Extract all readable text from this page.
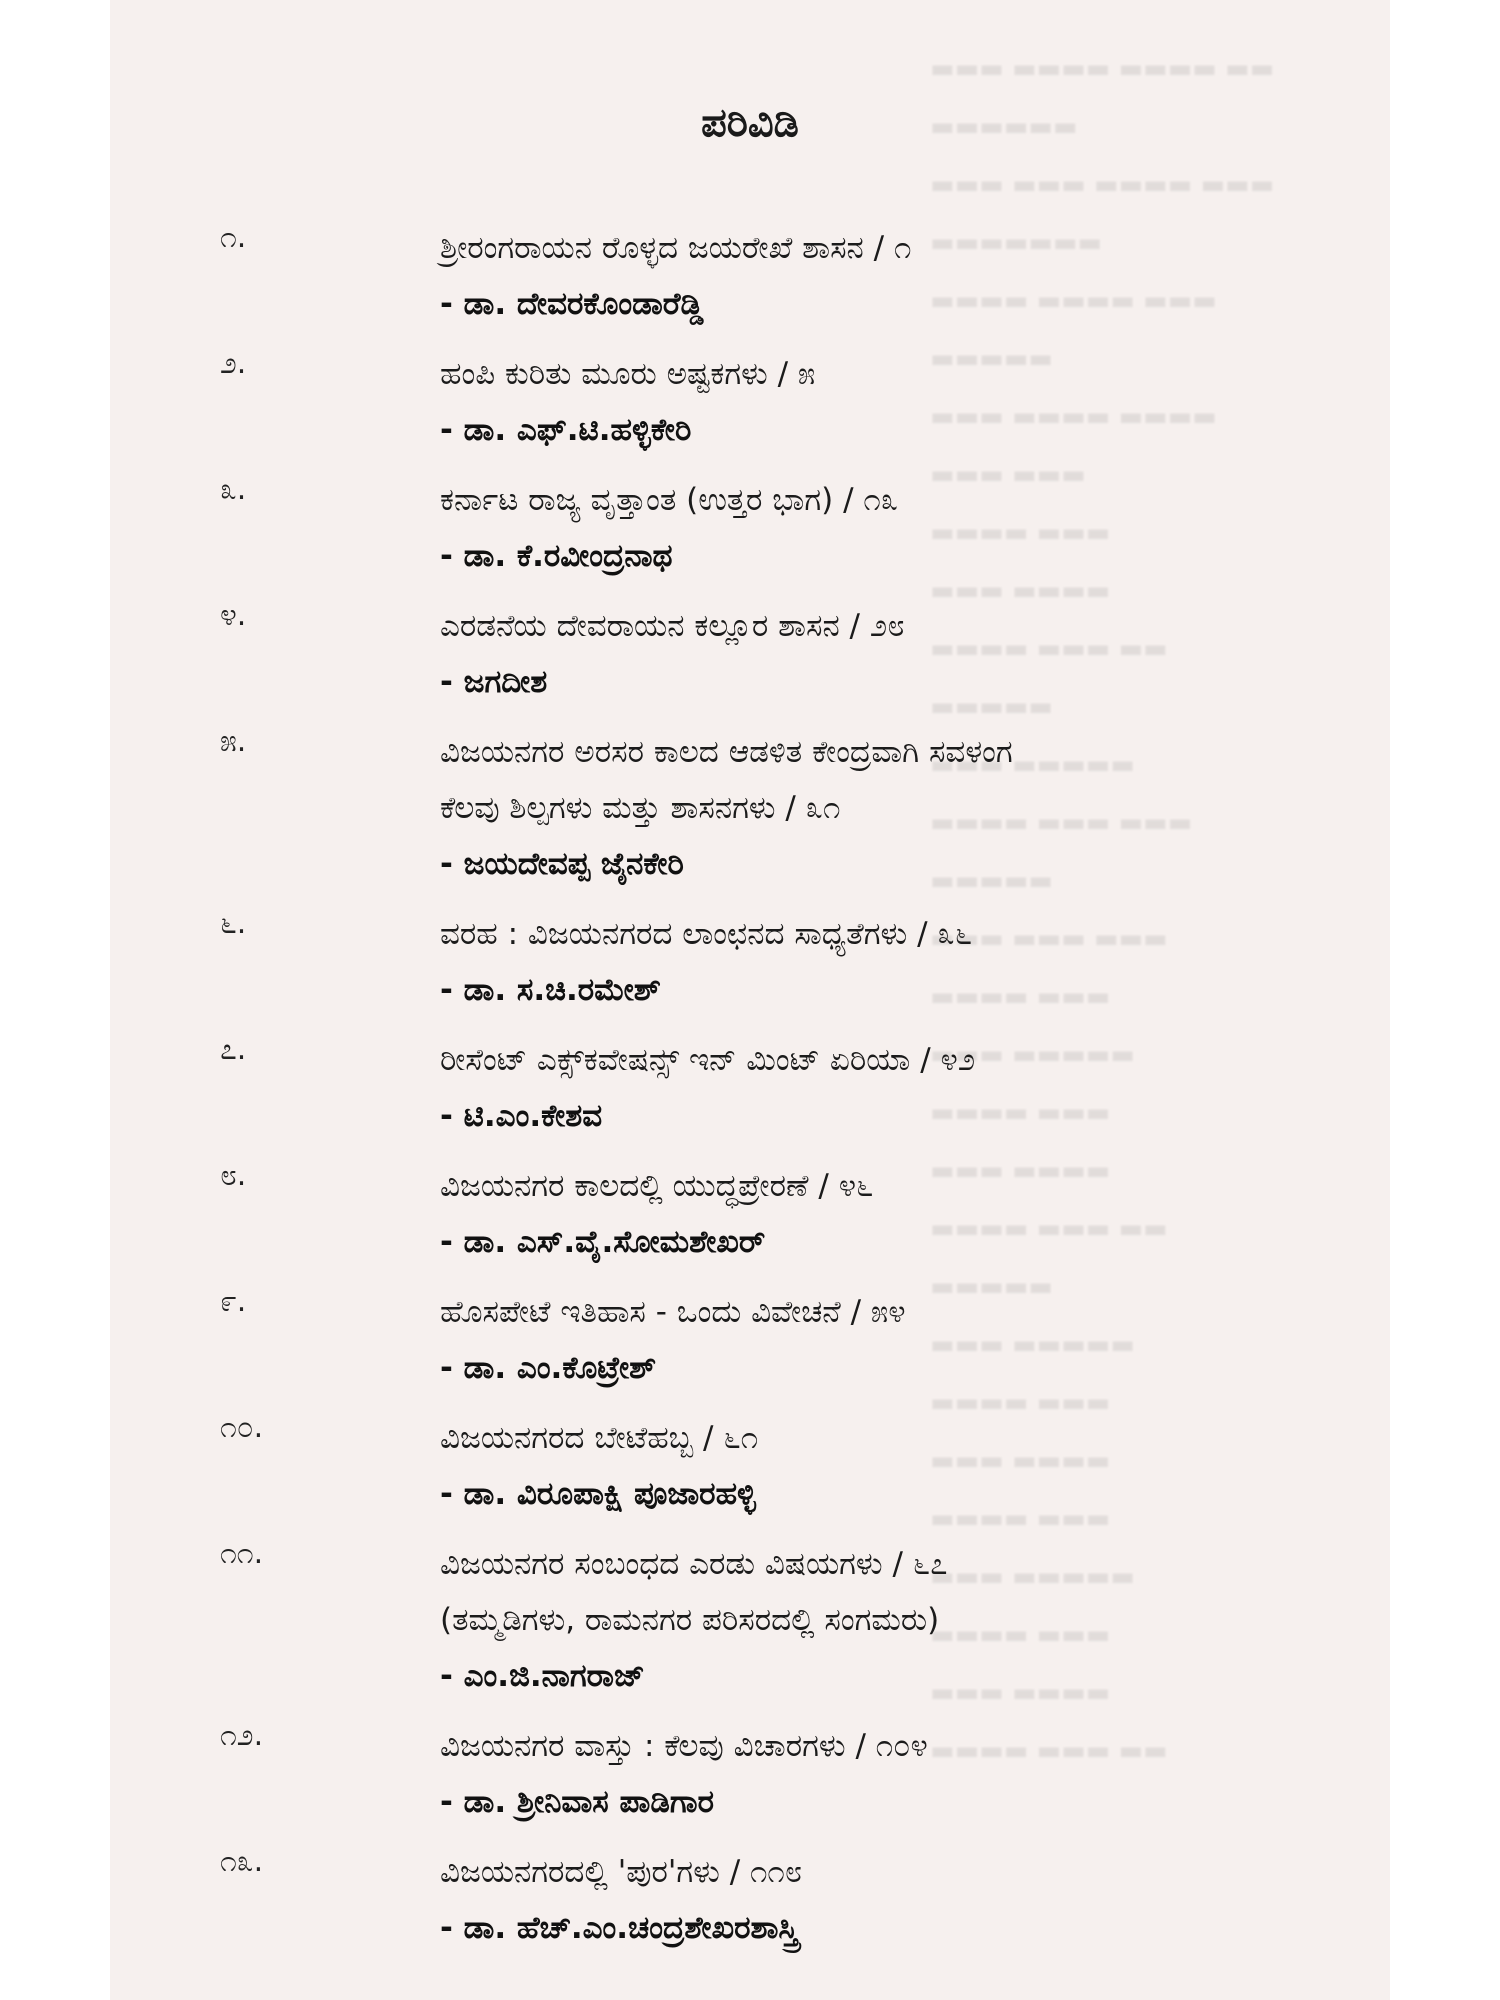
▬▬▬ ▬▬▬▬ ▬▬▬▬ ▬▬
▬▬▬▬▬▬
▬▬▬ ▬▬▬ ▬▬▬▬ ▬▬▬
▬▬▬▬▬▬▬
▬▬▬▬ ▬▬▬▬ ▬▬▬
▬▬▬▬▬
▬▬▬ ▬▬▬▬ ▬▬▬▬
▬▬▬ ▬▬▬
▬▬▬▬ ▬▬▬
▬▬▬ ▬▬▬▬
▬▬▬▬ ▬▬▬ ▬▬
▬▬▬▬▬
▬▬▬ ▬▬▬▬▬
▬▬▬▬ ▬▬▬ ▬▬▬
▬▬▬▬▬
▬▬▬ ▬▬▬ ▬▬▬
▬▬▬▬ ▬▬▬
▬▬▬ ▬▬▬▬▬
▬▬▬▬ ▬▬▬
▬▬▬ ▬▬▬▬
▬▬▬▬ ▬▬▬ ▬▬
▬▬▬▬▬
▬▬▬ ▬▬▬▬▬
▬▬▬▬ ▬▬▬
▬▬▬ ▬▬▬▬
▬▬▬▬ ▬▬▬
▬▬▬ ▬▬▬▬▬
▬▬▬▬ ▬▬▬
▬▬▬ ▬▬▬▬
▬▬▬▬ ▬▬▬ ▬▬
ಪರಿವಿಡಿ
೧.	ಶ್ರೀರಂಗರಾಯನ ರೊಳ್ಳದ ಜಯರೇಖೆ ಶಾಸನ / ೧
- ಡಾ. ದೇವರಕೊಂಡಾರೆಡ್ಡಿ
೨.	ಹಂಪಿ ಕುರಿತು ಮೂರು ಅಷ್ಟಕಗಳು / ೫
- ಡಾ. ಎಫ್.ಟಿ.ಹಳ್ಳಿಕೇರಿ
೩.	ಕರ್ನಾಟ ರಾಜ್ಯ ವೃತ್ತಾಂತ (ಉತ್ತರ ಭಾಗ) / ೧೩
- ಡಾ. ಕೆ.ರವೀಂದ್ರನಾಥ
೪.	ಎರಡನೆಯ ದೇವರಾಯನ ಕಲ್ಲೂರ ಶಾಸನ / ೨೮
- ಜಗದೀಶ
೫.	ವಿಜಯನಗರ ಅರಸರ ಕಾಲದ ಆಡಳಿತ ಕೇಂದ್ರವಾಗಿ ಸವಳಂಗ
ಕೆಲವು ಶಿಲ್ಪಗಳು ಮತ್ತು ಶಾಸನಗಳು / ೩೧
- ಜಯದೇವಪ್ಪ ಜೈನಕೇರಿ
೬.	ವರಹ : ವಿಜಯನಗರದ ಲಾಂಛನದ ಸಾಧ್ಯತೆಗಳು / ೩೬
- ಡಾ. ಸ.ಚಿ.ರಮೇಶ್
೭.	ರೀಸೆಂಟ್ ಎಕ್ಸ್‌ಕವೇಷನ್ಸ್ ಇನ್ ಮಿಂಟ್ ಏರಿಯಾ / ೪೨
- ಟಿ.ಎಂ.ಕೇಶವ
೮.	ವಿಜಯನಗರ ಕಾಲದಲ್ಲಿ ಯುದ್ಧಪ್ರೇರಣೆ / ೪೬
- ಡಾ. ಎಸ್.ವೈ.ಸೋಮಶೇಖರ್
೯.	ಹೊಸಪೇಟೆ ಇತಿಹಾಸ - ಒಂದು ವಿವೇಚನೆ / ೫೪
- ಡಾ. ಎಂ.ಕೊಟ್ರೇಶ್
೧೦.	ವಿಜಯನಗರದ ಬೇಟೆಹಬ್ಬ / ೬೧
- ಡಾ. ವಿರೂಪಾಕ್ಷಿ ಪೂಜಾರಹಳ್ಳಿ
೧೧.	ವಿಜಯನಗರ ಸಂಬಂಧದ ಎರಡು ವಿಷಯಗಳು / ೬೭
(ತಮ್ಮಡಿಗಳು, ರಾಮನಗರ ಪರಿಸರದಲ್ಲಿ ಸಂಗಮರು)
- ಎಂ.ಜಿ.ನಾಗರಾಜ್
೧೨.	ವಿಜಯನಗರ ವಾಸ್ತು : ಕೆಲವು ವಿಚಾರಗಳು / ೧೦೪
- ಡಾ. ಶ್ರೀನಿವಾಸ ಪಾಡಿಗಾರ
೧೩.	ವಿಜಯನಗರದಲ್ಲಿ 'ಪುರ'ಗಳು / ೧೧೮
- ಡಾ. ಹೆಚ್.ಎಂ.ಚಂದ್ರಶೇಖರಶಾಸ್ತ್ರಿ
